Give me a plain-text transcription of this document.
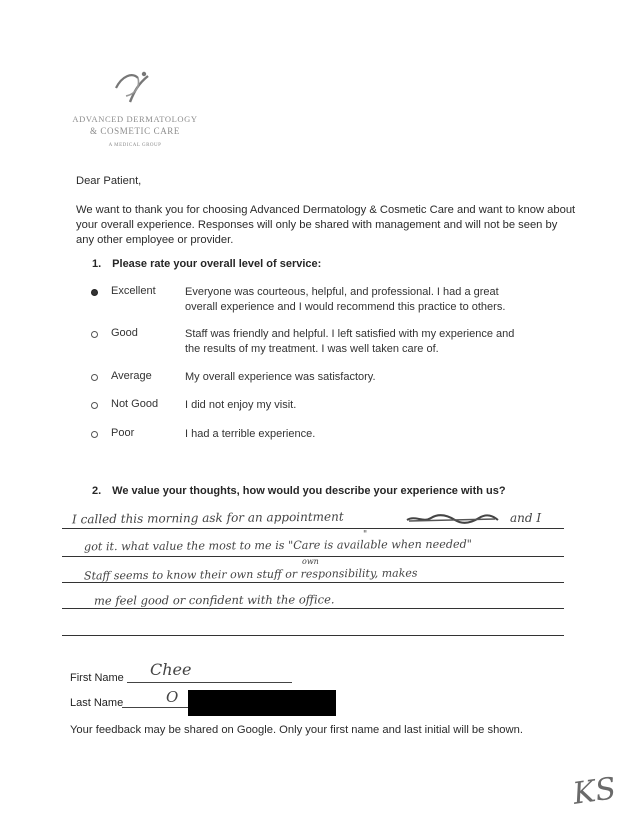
ADVANCED DERMATOLOGY
& COSMETIC CARE
A MEDICAL GROUP
Dear Patient,
We want to thank you for choosing Advanced Dermatology & Cosmetic Care and want to know about your overall experience. Responses will only be shared with management and will not be seen by any other employee or provider.
1. Please rate your overall level of service:
Excellent	Everyone was courteous, helpful, and professional. I had a great overall experience and I would recommend this practice to others.
Good	Staff was friendly and helpful. I left satisfied with my experience and the results of my treatment. I was well taken care of.
Average	My overall experience was satisfactory.
Not Good I did not enjoy my visit.
Poor	I had a terrible experience.
2. We value your thoughts, how would you describe your experience with us?
I called this morning ask for an appointment	and I
got it. what value the most to me is "Care is available when needed"
"
own
Staff seems to know their own stuff or responsibility, makes
me feel good or confident with the office.
First Name Chee
Last Name	O
Your feedback may be shared on Google. Only your first name and last initial will be shown.
KS
